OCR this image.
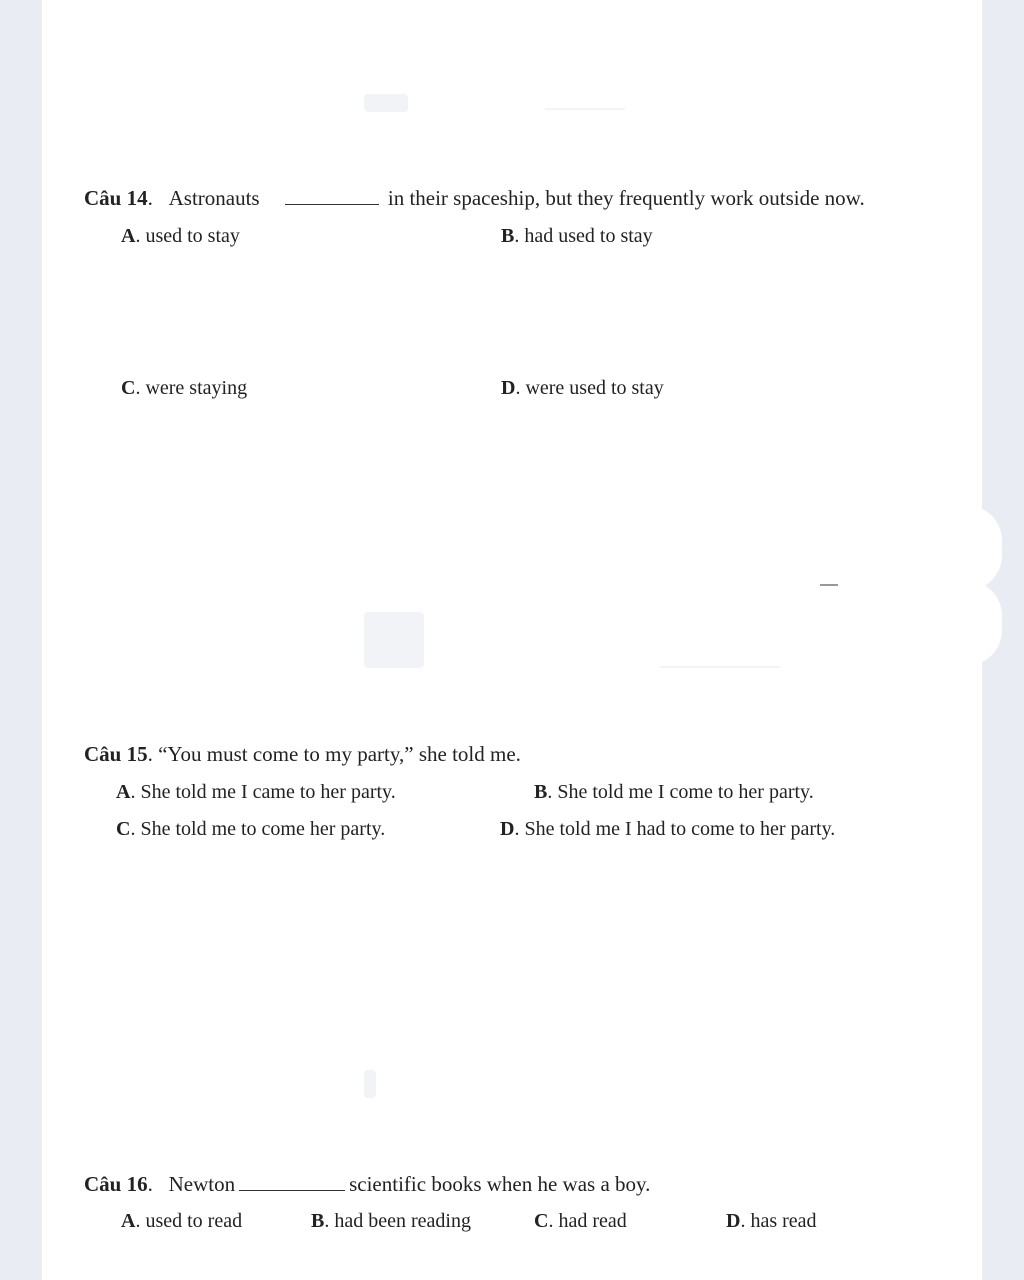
Câu 14. Astronauts	in their spaceship, but they frequently work outside now.
A. used to stay	B. had used to stay
C. were staying	D. were used to stay
Câu 15. “You must come to my party,” she told me.
A. She told me I came to her party.	B. She told me I come to her party.
C. She told me to come her party.	D. She told me I had to come to her party.
Câu 16. Newton	scientific books when he was a boy.
A. used to read	B. had been reading	C. had read	D. has read
